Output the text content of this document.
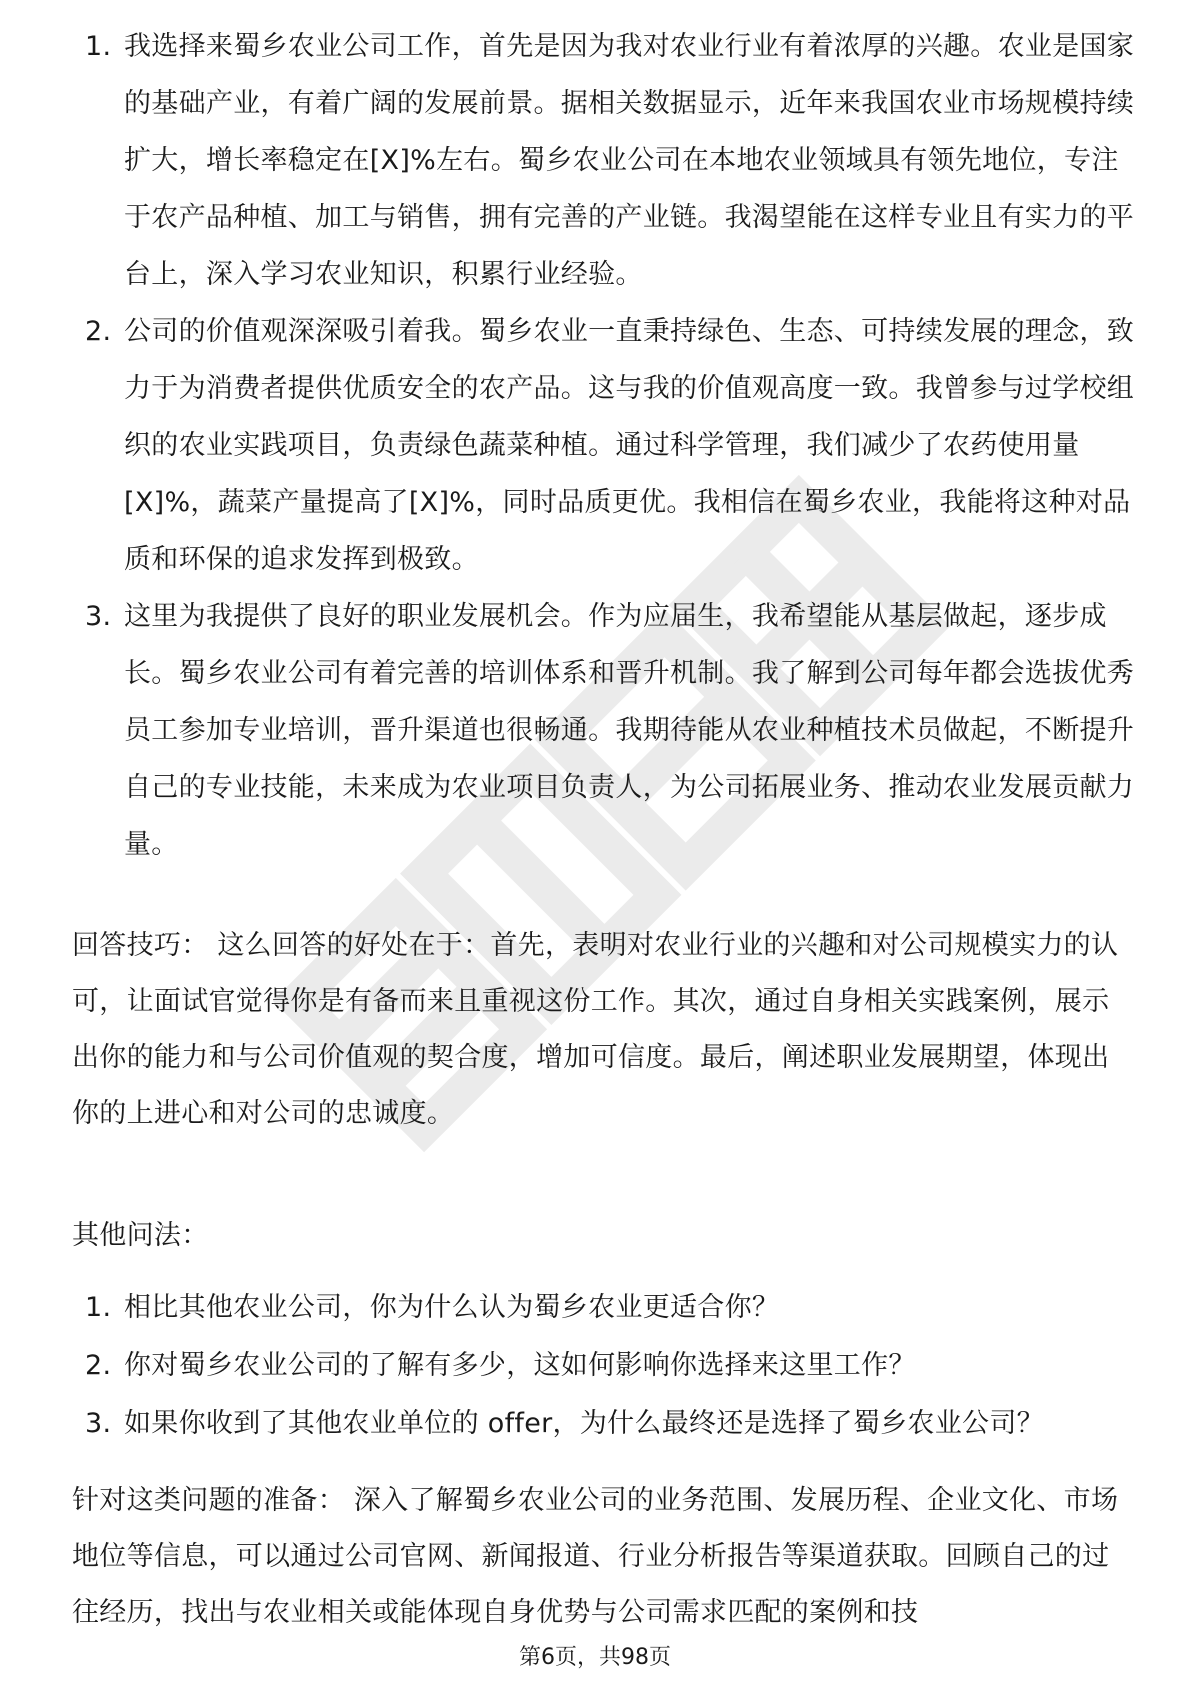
1. 我选择来蜀乡农业公司工作，首先是因为我对农业行业有着浓厚的兴趣。农业是国家的基础产业，有着广阔的发展前景。据相关数据显示，近年来我国农业市场规模持续扩大，增长率稳定在[X]%左右。蜀乡农业公司在本地农业领域具有领先地位，专注于农产品种植、加工与销售，拥有完善的产业链。我渴望能在这样专业且有实力的平台上，深入学习农业知识，积累行业经验。
2. 公司的价值观深深吸引着我。蜀乡农业一直秉持绿色、生态、可持续发展的理念，致力于为消费者提供优质安全的农产品。这与我的价值观高度一致。我曾参与过学校组织的农业实践项目，负责绿色蔬菜种植。通过科学管理，我们减少了农药使用量[X]%，蔬菜产量提高了[X]%，同时品质更优。我相信在蜀乡农业，我能将这种对品质和环保的追求发挥到极致。
3. 这里为我提供了良好的职业发展机会。作为应届生，我希望能从基层做起，逐步成长。蜀乡农业公司有着完善的培训体系和晋升机制。我了解到公司每年都会选拔优秀员工参加专业培训，晋升渠道也很畅通。我期待能从农业种植技术员做起，不断提升自己的专业技能，未来成为农业项目负责人，为公司拓展业务、推动农业发展贡献力量。

回答技巧： 这么回答的好处在于：首先，表明对农业行业的兴趣和对公司规模实力的认可，让面试官觉得你是有备而来且重视这份工作。其次，通过自身相关实践案例，展示出你的能力和与公司价值观的契合度，增加可信度。最后，阐述职业发展期望，体现出你的上进心和对公司的忠诚度。

其他问法：

1. 相比其他农业公司，你为什么认为蜀乡农业更适合你？
2. 你对蜀乡农业公司的了解有多少，这如何影响你选择来这里工作？
3. 如果你收到了其他农业单位的 offer，为什么最终还是选择了蜀乡农业公司？

针对这类问题的准备： 深入了解蜀乡农业公司的业务范围、发展历程、企业文化、市场地位等信息，可以通过公司官网、新闻报道、行业分析报告等渠道获取。回顾自己的过往经历，找出与农业相关或能体现自身优势与公司需求匹配的案例和技

第6页，共98页
